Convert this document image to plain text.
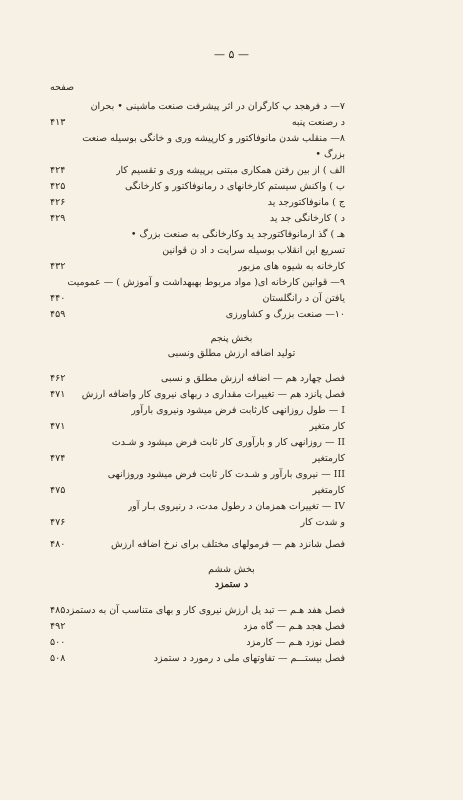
— ۵ —
صفحه
۷— د فرهجد پ کارگران در اثر پیشرفت صنعت ماشینی • بحران
د رصنعت پنبه
۴۱۳
۸— منقلب شدن مانوفاکتور و کارپیشه وری و خانگی بوسیله صنعت
بزرگ •
الف ) از بین رفتن همکاری مبتنی برپیشه وری و تقسیم کار
۴۲۴
ب ) واکنش سیستم کارخانهای د رمانوفاکتور و کارخانگی
۴۲۵
ج ) مانوفاکتورجد ید
۴۲۶
د ) کارخانگی جد ید
۴۲۹
هـ ) گذ ارمانوفاکتورجد ید وکارخانگی به صنعت بزرگ •
تسریع این انقلاب بوسیله سرایت د اد ن قوانین
کارخانه به شیوه های مزبور
۴۳۲
۹— قوانین کارخانه ای( مواد مربوط بهبهداشت و آموزش ) — عمومیت
یافتن آن د رانگلستان
۴۴۰
۱۰— صنعت بزرگ و کشاورزی
۴۵۹
بخش پنجم
تولید اضافه ارزش مطلق ونسبی
فصل چهارد هم — اضافه ارزش مطلق و نسبی
۴۶۲
فصل پانزد هم — تغییرات مقداری د ربهای نیروی کار واضافه ارزش
۴۷۱
I — طول روزانهی کارثابت فرض میشود ونیروی بارآور
کار متغیر
۴۷۱
II — روزانهی کار و بارآوری کار ثابت فرض میشود و شـدت
کارمتغیر
۴۷۴
III — نیروی بارآور و شـدت کار ثابت فرض میشود وروزانهی
کارمتغیر
۴۷۵
IV — تغییرات همزمان د رطول مدت، د رنیروی بـار آور
و شدت کار
۴۷۶
فصل شانزد هم — فرمولهای مختلف برای نرخ اضافه ارزش
۴۸۰
بخش ششم
د ستمزد
فصل هفد هـم — تبد یل ارزش نیروی کار و بهای متناسب آن به دستمزد
۴۸۵
فصل هجد هـم — گاه مزد
۴۹۲
فصل نوزد هـم — کارمزد
۵۰۰
فصل بیستـــم — تفاوتهای ملی د رمورد د ستمزد
۵۰۸
